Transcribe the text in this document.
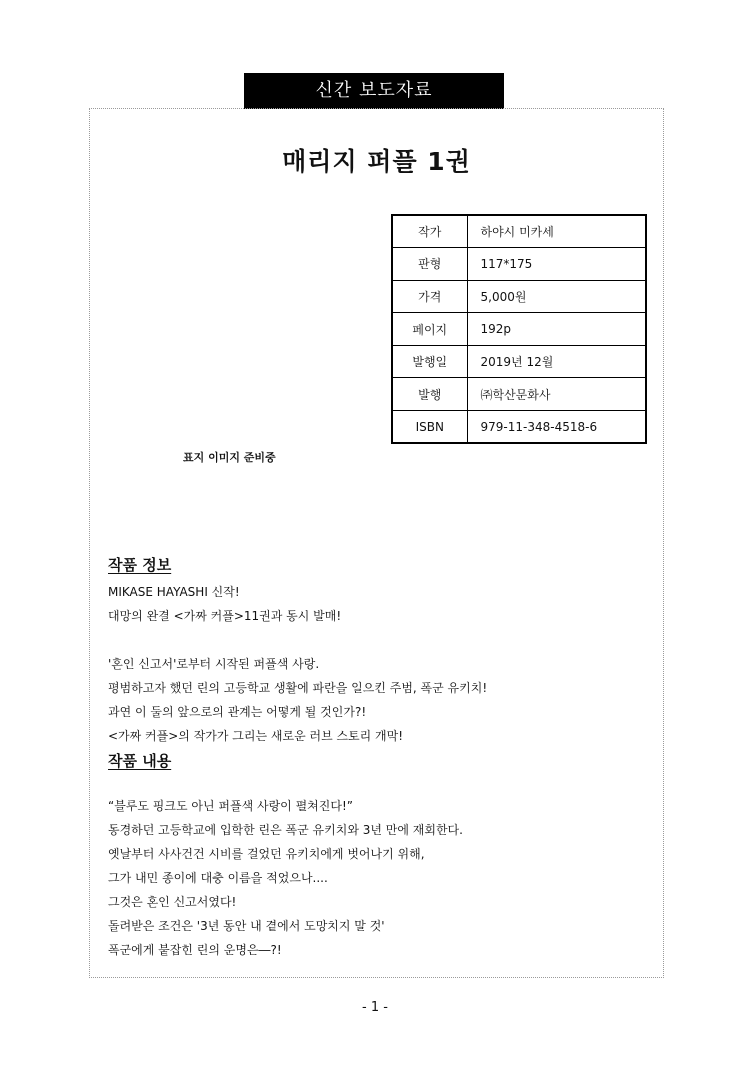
신간 보도자료
매리지 퍼플 1권
작가	하야시 미카세
판형	117*175
가격	5,000원
페이지	192p
발행일	2019년 12월
발행	㈜학산문화사
ISBN	979-11-348-4518-6
표지 이미지 준비중
작품 정보
MIKASE HAYASHI 신작!
대망의 완결 <가짜 커플>11권과 동시 발매!
'혼인 신고서'로부터 시작된 퍼플색 사랑.
평범하고자 했던 린의 고등학교 생활에 파란을 일으킨 주범, 폭군 유키치!
과연 이 둘의 앞으로의 관계는 어떻게 될 것인가?!
<가짜 커플>의 작가가 그리는 새로운 러브 스토리 개막!
작품 내용
“블루도 핑크도 아닌 퍼플색 사랑이 펼쳐진다!”
동경하던 고등학교에 입학한 린은 폭군 유키치와 3년 만에 재회한다.
옛날부터 사사건건 시비를 걸었던 유키치에게 벗어나기 위해,
그가 내민 종이에 대충 이름을 적었으나....
그것은 혼인 신고서였다!
돌려받은 조건은 '3년 동안 내 곁에서 도망치지 말 것'
폭군에게 붙잡힌 린의 운명은―?!
- 1 -
